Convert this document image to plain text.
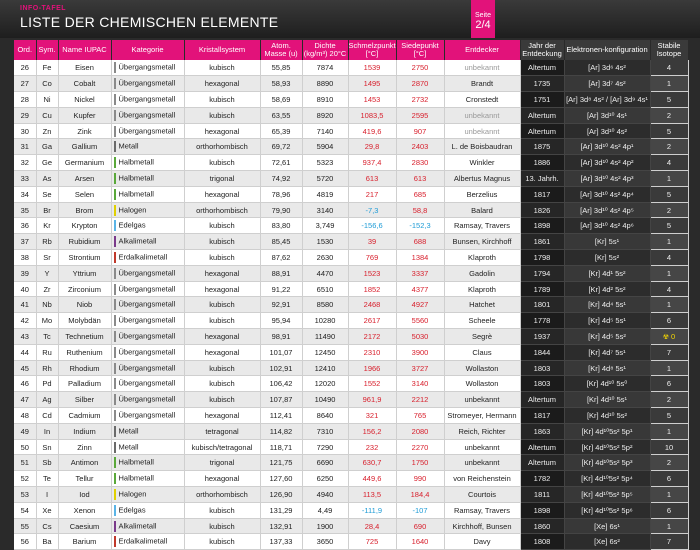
INFO-TAFEL
LISTE DER CHEMISCHEN ELEMENTE	Seite
2/4
Ord.	Sym.	Name IUPAC	Kategorie	Kristallsystem	Atom. Masse (u)	Dichte (kg/m³) 20°C	Schmelzpunkt [°C]	Siedepunkt [°C]	Entdecker	Jahr der Entdeckung	Elektronen-konfiguration	Stabile Isotope
26	Fe	Eisen	Übergangsmetall	kubisch	55,85	7874	1539	2750	unbekannt	Altertum	[Ar] 3d⁶ 4s²	4
27	Co	Cobalt	Übergangsmetall	hexagonal	58,93	8890	1495	2870	Brandt	1735	[Ar] 3d⁷ 4s²	1
28	Ni	Nickel	Übergangsmetall	kubisch	58,69	8910	1453	2732	Cronstedt	1751	[Ar] 3d⁸ 4s² / [Ar] 3d⁹ 4s¹	5
29	Cu	Kupfer	Übergangsmetall	kubisch	63,55	8920	1083,5	2595	unbekannt	Altertum	[Ar] 3d¹⁰ 4s¹	2
30	Zn	Zink	Übergangsmetall	hexagonal	65,39	7140	419,6	907	unbekannt	Altertum	[Ar] 3d¹⁰ 4s²	5
31	Ga	Gallium	Metall	orthorhombisch	69,72	5904	29,8	2403	L. de Boisbaudran	1875	[Ar] 3d¹⁰ 4s² 4p¹	2
32	Ge	Germanium	Halbmetall	kubisch	72,61	5323	937,4	2830	Winkler	1886	[Ar] 3d¹⁰ 4s² 4p²	4
33	As	Arsen	Halbmetall	trigonal	74,92	5720	613	613	Albertus Magnus	13. Jahrh.	[Ar] 3d¹⁰ 4s² 4p³	1
34	Se	Selen	Halbmetall	hexagonal	78,96	4819	217	685	Berzelius	1817	[Ar] 3d¹⁰ 4s² 4p⁴	5
35	Br	Brom	Halogen	orthorhombisch	79,90	3140	-7,3	58,8	Balard	1826	[Ar] 3d¹⁰ 4s² 4p⁵	2
36	Kr	Krypton	Edelgas	kubisch	83,80	3,749	-156,6	-152,3	Ramsay, Travers	1898	[Ar] 3d¹⁰ 4s² 4p⁶	5
37	Rb	Rubidium	Alkalimetall	kubisch	85,45	1530	39	688	Bunsen, Kirchhoff	1861	[Kr] 5s¹	1
38	Sr	Strontium	Erdalkalimetall	kubisch	87,62	2630	769	1384	Klaproth	1798	[Kr] 5s²	4
39	Y	Yttrium	Übergangsmetall	hexagonal	88,91	4470	1523	3337	Gadolin	1794	[Kr] 4d¹ 5s²	1
40	Zr	Zirconium	Übergangsmetall	hexagonal	91,22	6510	1852	4377	Klaproth	1789	[Kr] 4d² 5s²	4
41	Nb	Niob	Übergangsmetall	kubisch	92,91	8580	2468	4927	Hatchet	1801	[Kr] 4d⁴ 5s¹	1
42	Mo	Molybdän	Übergangsmetall	kubisch	95,94	10280	2617	5560	Scheele	1778	[Kr] 4d⁵ 5s¹	6
43	Tc	Technetium	Übergangsmetall	hexagonal	98,91	11490	2172	5030	Segrè	1937	[Kr] 4d⁵ 5s²	☢ 0
44	Ru	Ruthenium	Übergangsmetall	hexagonal	101,07	12450	2310	3900	Claus	1844	[Kr] 4d⁷ 5s¹	7
45	Rh	Rhodium	Übergangsmetall	kubisch	102,91	12410	1966	3727	Wollaston	1803	[Kr] 4d⁸ 5s¹	1
46	Pd	Palladium	Übergangsmetall	kubisch	106,42	12020	1552	3140	Wollaston	1803	[Kr] 4d¹⁰ 5s⁰	6
47	Ag	Silber	Übergangsmetall	kubisch	107,87	10490	961,9	2212	unbekannt	Altertum	[Kr] 4d¹⁰ 5s¹	2
48	Cd	Cadmium	Übergangsmetall	hexagonal	112,41	8640	321	765	Stromeyer, Hermann	1817	[Kr] 4d¹⁰ 5s²	5
49	In	Indium	Metall	tetragonal	114,82	7310	156,2	2080	Reich, Richter	1863	[Kr] 4d¹⁰5s² 5p¹	1
50	Sn	Zinn	Metall	kubisch/tetragonal	118,71	7290	232	2270	unbekannt	Altertum	[Kr] 4d¹⁰5s² 5p²	10
51	Sb	Antimon	Halbmetall	trigonal	121,75	6690	630,7	1750	unbekannt	Altertum	[Kr] 4d¹⁰5s² 5p³	2
52	Te	Tellur	Halbmetall	hexagonal	127,60	6250	449,6	990	von Reichenstein	1782	[Kr] 4d¹⁰5s² 5p⁴	6
53	I	Iod	Halogen	orthorhombisch	126,90	4940	113,5	184,4	Courtois	1811	[Kr] 4d¹⁰5s² 5p⁵	1
54	Xe	Xenon	Edelgas	kubisch	131,29	4,49	-111,9	-107	Ramsay, Travers	1898	[Kr] 4d¹⁰5s² 5p⁶	6
55	Cs	Caesium	Alkalimetall	kubisch	132,91	1900	28,4	690	Kirchhoff, Bunsen	1860	[Xe] 6s¹	1
56	Ba	Barium	Erdalkalimetall	kubisch	137,33	3650	725	1640	Davy	1808	[Xe] 6s²	7
